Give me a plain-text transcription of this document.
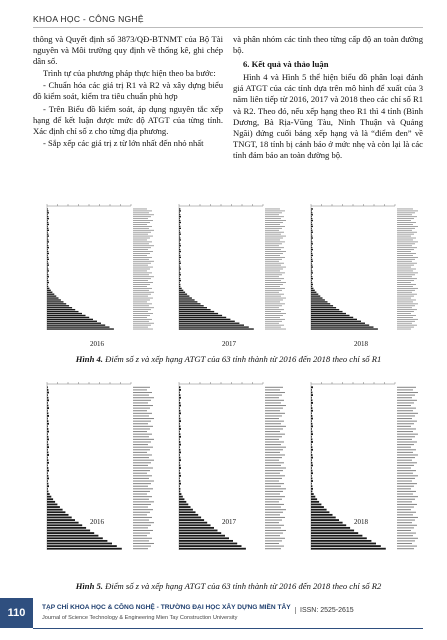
KHOA HỌC - CÔNG NGHỆ

thông và Quyết định số 3873/QĐ-BTNMT của Bộ Tài nguyên và Môi trường quy định về thống kê, ghi chép dân số.

Trình tự của phương pháp thực hiện theo ba bước:

- Chuẩn hóa các giá trị R1 và R2 và xây dựng biểu đồ kiểm soát, kiểm tra tiêu chuẩn phù hợp

- Trên Biểu đồ kiểm soát, áp dụng nguyên tắc xếp hạng để kết luận được mức độ ATGT của từng tỉnh. Xác định chỉ số z cho từng địa phương.

- Sắp xếp các giá trị z từ lớn nhất đến nhỏ nhất

và phân nhóm các tỉnh theo từng cấp độ an toàn đường bộ.

6. Kết quả và thảo luận

Hình 4 và Hình 5 thể hiện biểu đồ phân loại đánh giá ATGT của các tỉnh dựa trên mô hình để xuất của 3 năm liên tiếp từ 2016, 2017 và 2018 theo các chỉ số R1 và R2. Theo đó, nếu xếp hạng theo R1 thì 4 tỉnh (Bình Dương, Bà Rịa-Vũng Tàu, Ninh Thuận và Quảng Ngãi) đứng cuối bảng xếp hạng và là “điểm đen” về TNGT, 18 tỉnh bị cảnh báo ở mức nhẹ và còn lại là các tỉnh đảm bảo an toàn đường bộ.

2016	2017	2018
Hình 4. Điểm số z và xếp hạng ATGT của 63 tỉnh thành từ 2016 đến 2018 theo chỉ số R1
2016	2017	2018
Hình 5. Điểm số z và xếp hạng ATGT của 63 tỉnh thành từ 2016 đến 2018 theo chỉ số R2
110	TẠP CHÍ KHOA HỌC & CÔNG NGHỆ - TRƯỜNG ĐẠI HỌC XÂY DỰNG MIỀN TÂY
Journal of Science Technology & Engineering Mien Tay Construction University
ISSN: 2525-2615
